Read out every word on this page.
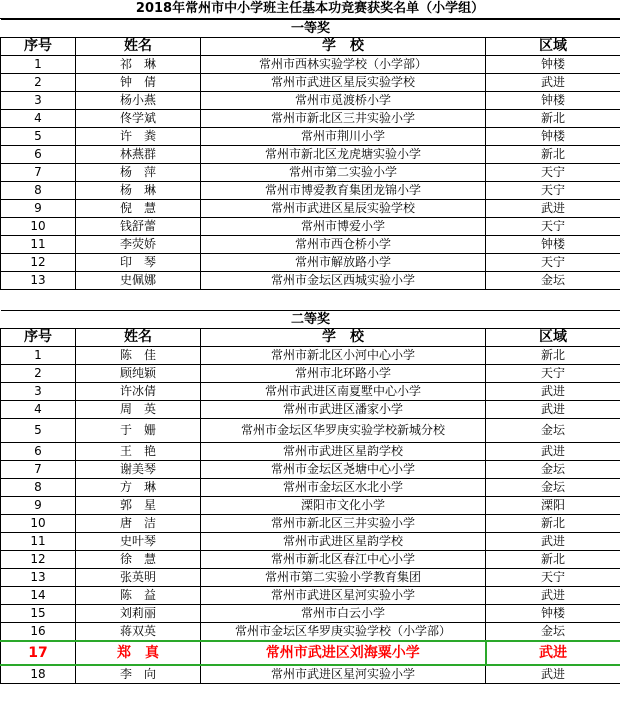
2018年常州市中小学班主任基本功竞赛获奖名单（小学组）
一等奖			
序号	姓名	学　校	区域
1	祁　琳	常州市西林实验学校（小学部）	钟楼
2	钟　倩	常州市武进区星辰实验学校	武进
3	杨小燕	常州市觅渡桥小学	钟楼
4	佟学斌	常州市新北区三井实验小学	新北
5	许　粪	常州市荆川小学	钟楼
6	林燕群	常州市新北区龙虎塘实验小学	新北
7	杨　萍	常州市第二实验小学	天宁
8	杨　琳	常州市博爱教育集团龙锦小学	天宁
9	倪　慧	常州市武进区星辰实验学校	武进
10	钱舒蕾	常州市博爱小学	天宁
11	李荧娇	常州市西仓桥小学	钟楼
12	印　琴	常州市解放路小学	天宁
13	史佩娜	常州市金坛区西城实验小学	金坛

二等奖			
序号	姓名	学　校	区域
1	陈　佳	常州市新北区小河中心小学	新北
2	顾纯颖	常州市北环路小学	天宁
3	许冰倩	常州市武进区南夏墅中心小学	武进
4	周　英	常州市武进区潘家小学	武进
5	于　姗	常州市金坛区华罗庚实验学校新城分校	金坛
6	王　艳	常州市武进区星韵学校	武进
7	谢美琴	常州市金坛区尧塘中心小学	金坛
8	方　琳	常州市金坛区水北小学	金坛
9	郭　星	溧阳市文化小学	溧阳
10	唐　洁	常州市新北区三井实验小学	新北
11	史叶琴	常州市武进区星韵学校	武进
12	徐　慧	常州市新北区春江中心小学	新北
13	张英明	常州市第二实验小学教育集团	天宁
14	陈　益	常州市武进区星河实验小学	武进
15	刘莉丽	常州市白云小学	钟楼
16	蒋双英	常州市金坛区华罗庚实验学校（小学部）	金坛
17	郑　真	常州市武进区刘海粟小学	武进
18	李　向	常州市武进区星河实验小学	武进
